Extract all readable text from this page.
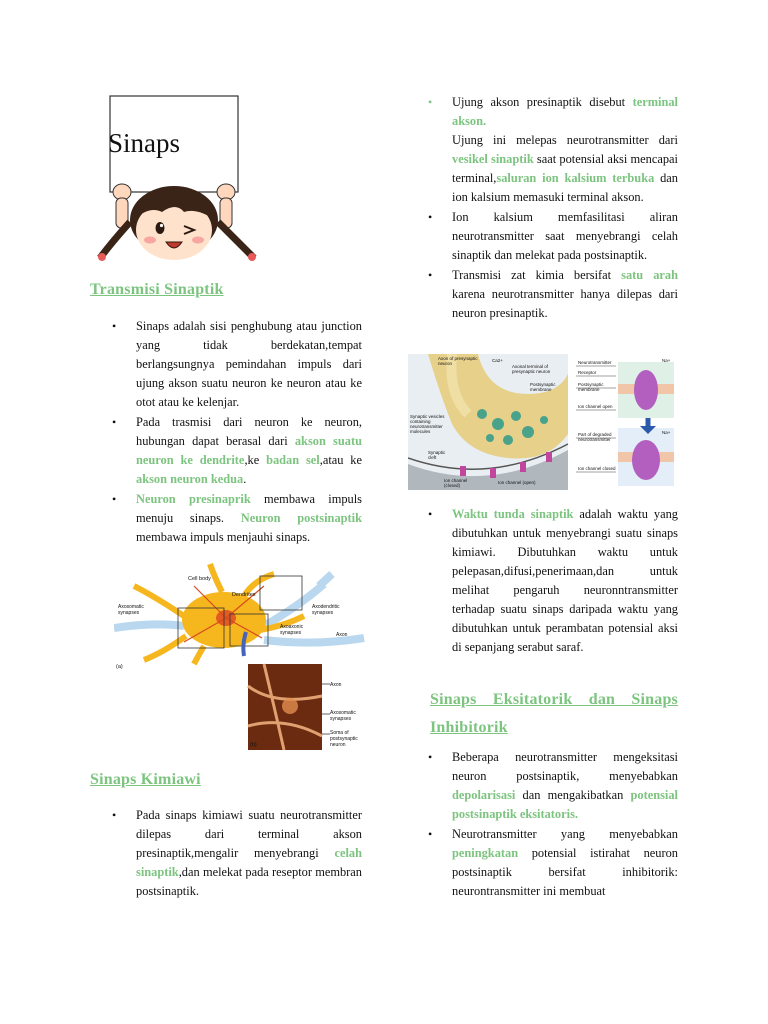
Sinaps
Transmisi Sinaptik
• Sinaps adalah sisi penghubung atau junction yang tidak berdekatan,tempat berlangsungnya pemindahan impuls dari ujung akson suatu neuron ke neuron atau ke otot atau ke kelenjar.
• Pada trasmisi dari neuron ke neuron, hubungan dapat berasal dari akson suatu neuron ke dendrite,ke badan sel,atau ke akson neuron kedua.
• Neuron presinaprik membawa impuls menuju sinaps. Neuron postsinaptik membawa impuls menjauhi sinaps.
Cell body
Dendrites
Axosomatic synapses
Axodendritic synapses
Axoaxonic synapses	Axon
(a)
(b)
Axon
Axosomatic synapses
Soma of postsynaptic neuron
Sinaps Kimiawi
• Pada sinaps kimiawi suatu neurotransmitter dilepas dari terminal akson presinaptik,mengalir menyebrangi celah sinaptik,dan melekat pada reseptor membran postsinaptik.
• Ujung akson presinaptik disebut terminal akson.
Ujung ini melepas neurotransmitter dari vesikel sinaptik saat potensial aksi mencapai terminal,saluran ion kalsium terbuka dan ion kalsium memasuki terminal akson.
• Ion kalsium memfasilitasi aliran neurotransmitter saat menyebrangi celah sinaptik dan melekat pada postsinaptik.
• Transmisi zat kimia bersifat satu arah karena neurotransmitter hanya dilepas dari neuron presinaptik.
Axon of presynaptic neuron
Ca2+
Axonal terminal of presynaptic neuron
Postsynaptic membrane
Synaptic vesicles containing neurotransmitter molecules
Synaptic cleft
Ion channel (closed)
Ion channel (open)
Neurotransmitter
Receptor
Postsynaptic membrane
Ion channel open
Part of degraded neurotransmitter
Ion channel closed
Na+
Na+
• Waktu tunda sinaptik adalah waktu yang dibutuhkan untuk menyebrangi suatu sinaps kimiawi. Dibutuhkan waktu untuk pelepasan,difusi,penerimaan,dan untuk melihat pengaruh neuronntransmitter terhadap suatu sinaps daripada waktu yang dibutuhkan untuk perambatan potensial aksi di sepanjang serabut saraf.
Sinaps Eksitatorik dan Sinaps Inhibitorik
• Beberapa neurotransmitter mengeksitasi neuron postsinaptik, menyebabkan depolarisasi dan mengakibatkan potensial postsinaptik eksitatoris.
• Neurotransmitter yang menyebabkan peningkatan potensial istirahat neuron postsinaptik bersifat inhibitorik: neurontransmitter ini membuat
